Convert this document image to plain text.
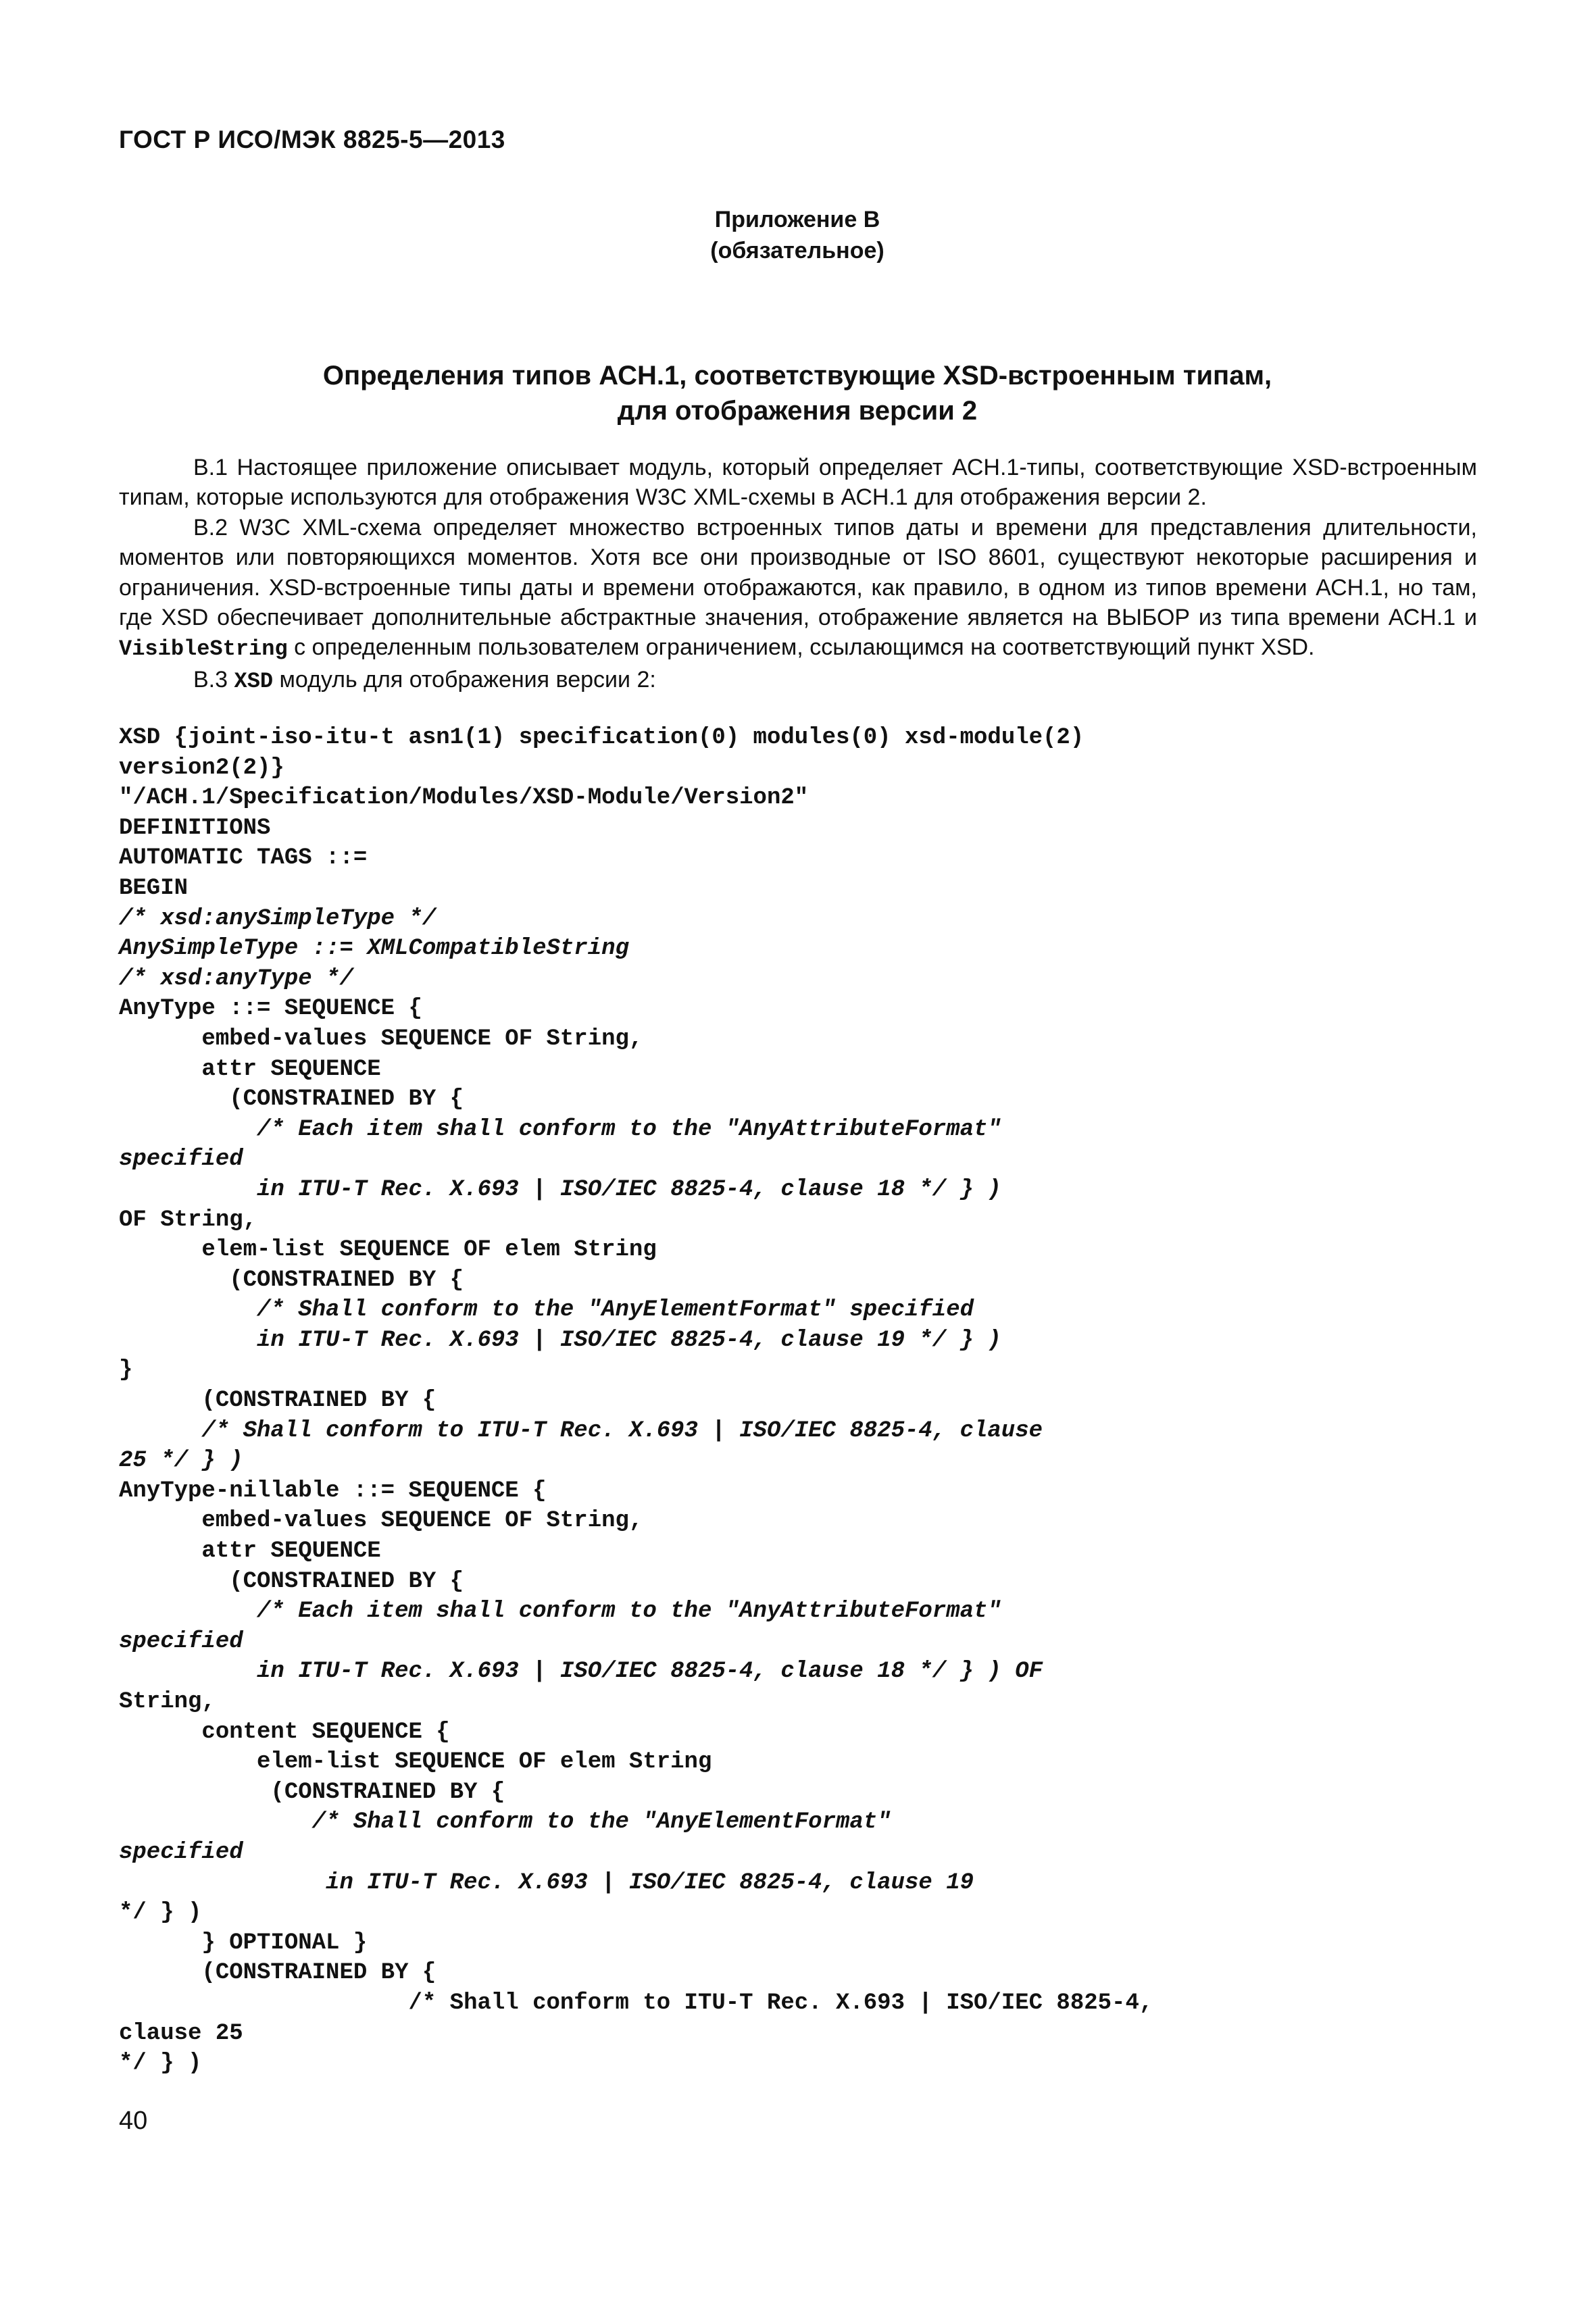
ГОСТ Р ИСО/МЭК 8825-5—2013
Приложение В
(обязательное)
Определения типов АСН.1, соответствующие XSD-встроенным типам,
для отображения версии 2

В.1 Настоящее приложение описывает модуль, который определяет АСН.1-типы, соответствующие XSD-встроенным типам, которые используются для отображения W3C XML-схемы в АСН.1 для отображения версии 2.

В.2 W3C XML-схема определяет множество встроенных типов даты и времени для представления длительности, моментов или повторяющихся моментов. Хотя все они производные от ISO 8601, существуют некоторые расширения и ограничения. XSD-встроенные типы даты и времени отображаются, как правило, в одном из типов времени АСН.1, но там, где XSD обеспечивает дополнительные абстрактные значения, отображение является на ВЫБОР из типа времени АСН.1 и VisibleString с определенным пользователем ограничением, ссылающимся на соответствующий пункт XSD.

В.3 XSD модуль для отображения версии 2:

XSD {joint-iso-itu-t asn1(1) specification(0) modules(0) xsd-module(2)
version2(2)}
"/ACH.1/Specification/Modules/XSD-Module/Version2"
DEFINITIONS
AUTOMATIC TAGS ::=
BEGIN
/* xsd:anySimpleType */
AnySimpleType ::= XMLCompatibleString
/* xsd:anyType */
AnyType ::= SEQUENCE {
embed-values SEQUENCE OF String,
attr SEQUENCE
(CONSTRAINED BY {
/* Each item shall conform to the "AnyAttributeFormat"
specified
in ITU-T Rec. X.693 | ISO/IEC 8825-4, clause 18 */ } )
OF String,
elem-list SEQUENCE OF elem String
(CONSTRAINED BY {
/* Shall conform to the "AnyElementFormat" specified
in ITU-T Rec. X.693 | ISO/IEC 8825-4, clause 19 */ } )
}
(CONSTRAINED BY {
/* Shall conform to ITU-T Rec. X.693 | ISO/IEC 8825-4, clause
25 */ } )
AnyType-nillable ::= SEQUENCE {
embed-values SEQUENCE OF String,
attr SEQUENCE
(CONSTRAINED BY {
/* Each item shall conform to the "AnyAttributeFormat"
specified
in ITU-T Rec. X.693 | ISO/IEC 8825-4, clause 18 */ } ) OF
String,
content SEQUENCE {
elem-list SEQUENCE OF elem String
(CONSTRAINED BY {
/* Shall conform to the "AnyElementFormat"
specified
in ITU-T Rec. X.693 | ISO/IEC 8825-4, clause 19
*/ } )
} OPTIONAL }
(CONSTRAINED BY {
/* Shall conform to ITU-T Rec. X.693 | ISO/IEC 8825-4,
clause 25
*/ } )

40
